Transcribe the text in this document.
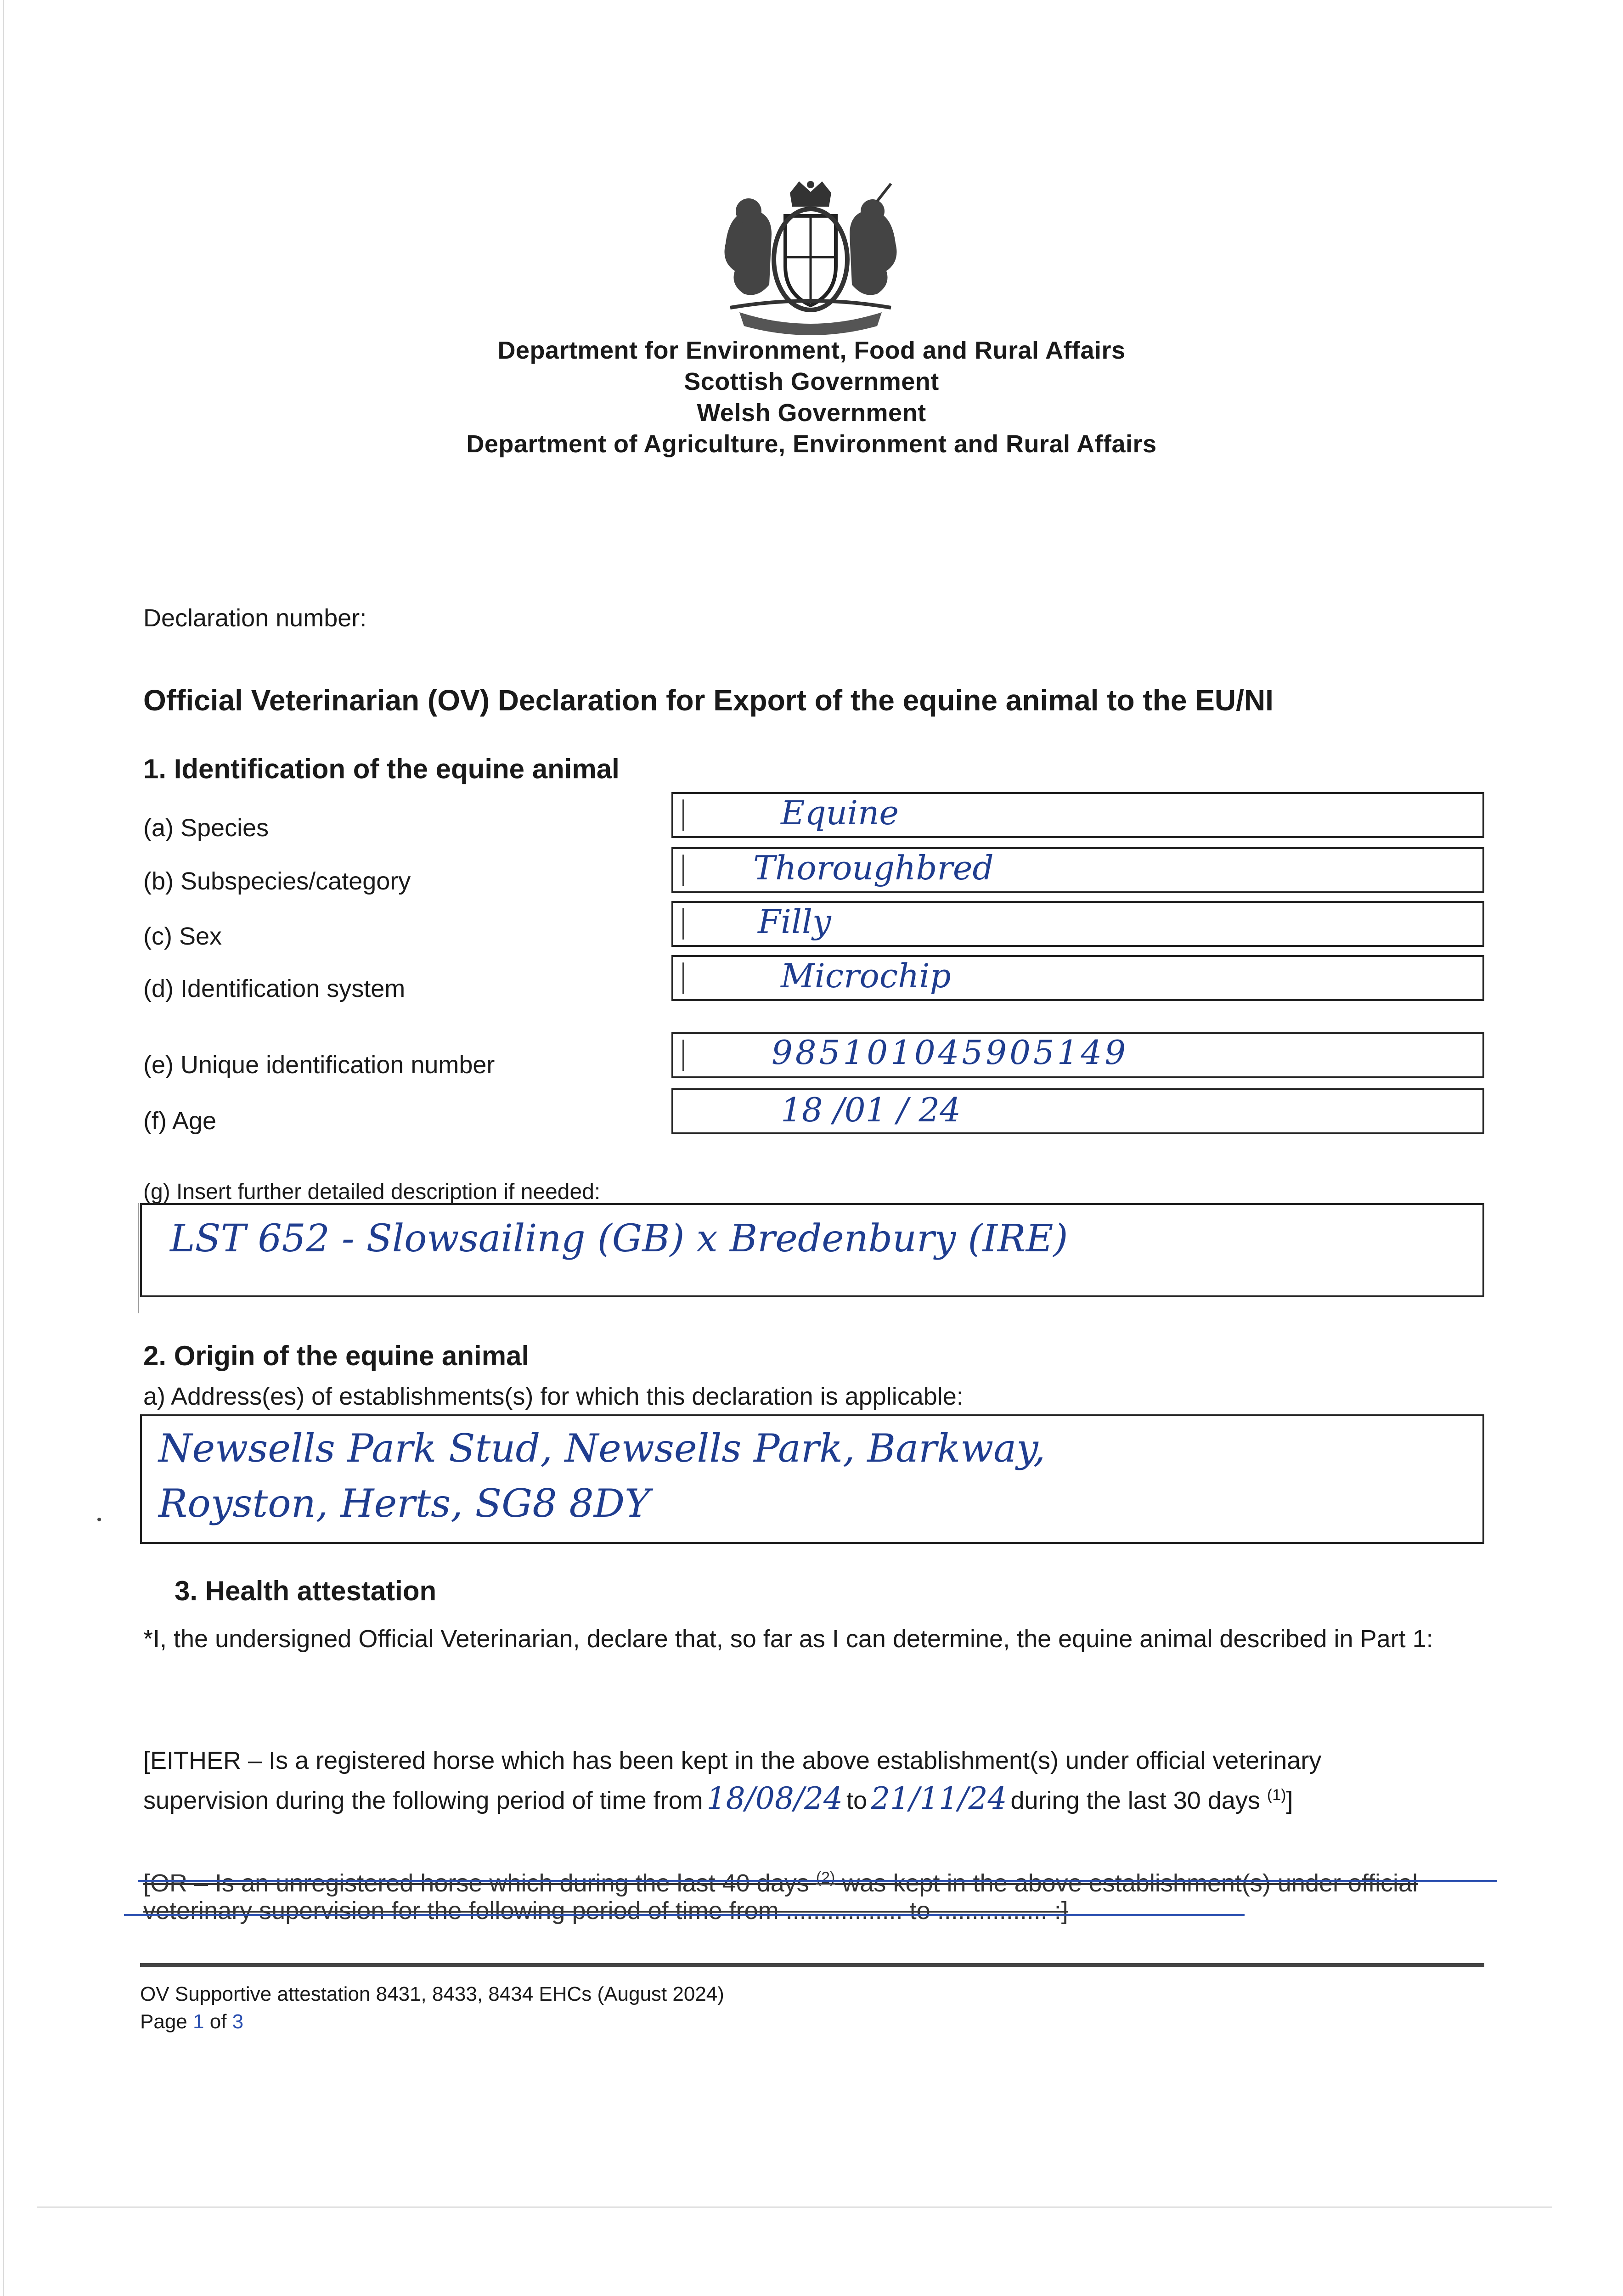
Department for Environment, Food and Rural Affairs
Scottish Government
Welsh Government
Department of Agriculture, Environment and Rural Affairs
Declaration number:
Official Veterinarian (OV) Declaration for Export of the equine animal to the EU/NI
1. Identification of the equine animal
(a) Species	Equine
(b) Subspecies/category	Thoroughbred
(c) Sex	Filly
(d) Identification system	Microchip
(e) Unique identification number	985101045905149
(f) Age	18 /01 / 24
(g) Insert further detailed description if needed:
LST 652 - Slowsailing (GB) x Bredenbury (IRE)
2. Origin of the equine animal
a) Address(es) of establishments(s) for which this declaration is applicable:
Newsells Park Stud, Newsells Park, Barkway,
Royston, Herts, SG8 8DY
3. Health attestation
*I, the undersigned Official Veterinarian, declare that, so far as I can determine, the equine animal described in Part 1:
[EITHER – Is a registered horse which has been kept in the above establishment(s) under official veterinary
supervision during the following period of time from 18/08/24 to 21/11/24 during the last 30 days $^{(1)}$]
[OR – Is an unregistered horse which during the last 40 days $^{(2)}$ was kept in the above establishment(s) under official
veterinary supervision for the following period of time from ................. to ................ :]
OV Supportive attestation 8431, 8433, 8434 EHCs (August 2024)
Page 1 of 3
